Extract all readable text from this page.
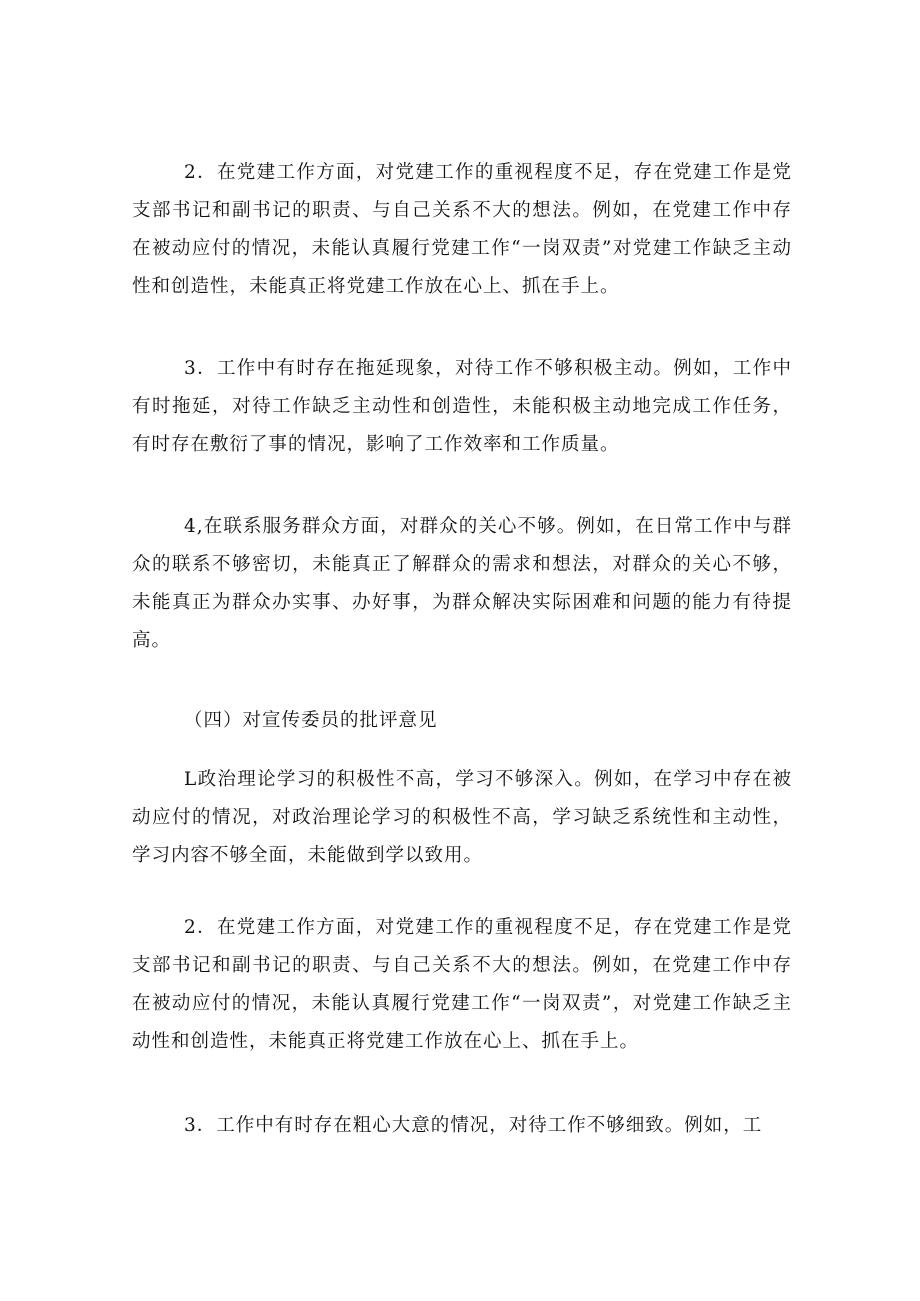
2．在党建工作方面，对党建工作的重视程度不足，存在党建工作是党支部书记和副书记的职责、与自己关系不大的想法。例如，在党建工作中存在被动应付的情况，未能认真履行党建工作“一岗双责”对党建工作缺乏主动性和创造性，未能真正将党建工作放在心上、抓在手上。

3．工作中有时存在拖延现象，对待工作不够积极主动。例如，工作中有时拖延，对待工作缺乏主动性和创造性，未能积极主动地完成工作任务，有时存在敷衍了事的情况，影响了工作效率和工作质量。

4,在联系服务群众方面，对群众的关心不够。例如，在日常工作中与群众的联系不够密切，未能真正了解群众的需求和想法，对群众的关心不够，未能真正为群众办实事、办好事，为群众解决实际困难和问题的能力有待提高。

（四）对宣传委员的批评意见

L政治理论学习的积极性不高，学习不够深入。例如，在学习中存在被动应付的情况，对政治理论学习的积极性不高，学习缺乏系统性和主动性，学习内容不够全面，未能做到学以致用。

2．在党建工作方面，对党建工作的重视程度不足，存在党建工作是党支部书记和副书记的职责、与自己关系不大的想法。例如，在党建工作中存在被动应付的情况，未能认真履行党建工作“一岗双责”，对党建工作缺乏主动性和创造性，未能真正将党建工作放在心上、抓在手上。

3．工作中有时存在粗心大意的情况，对待工作不够细致。例如，工
